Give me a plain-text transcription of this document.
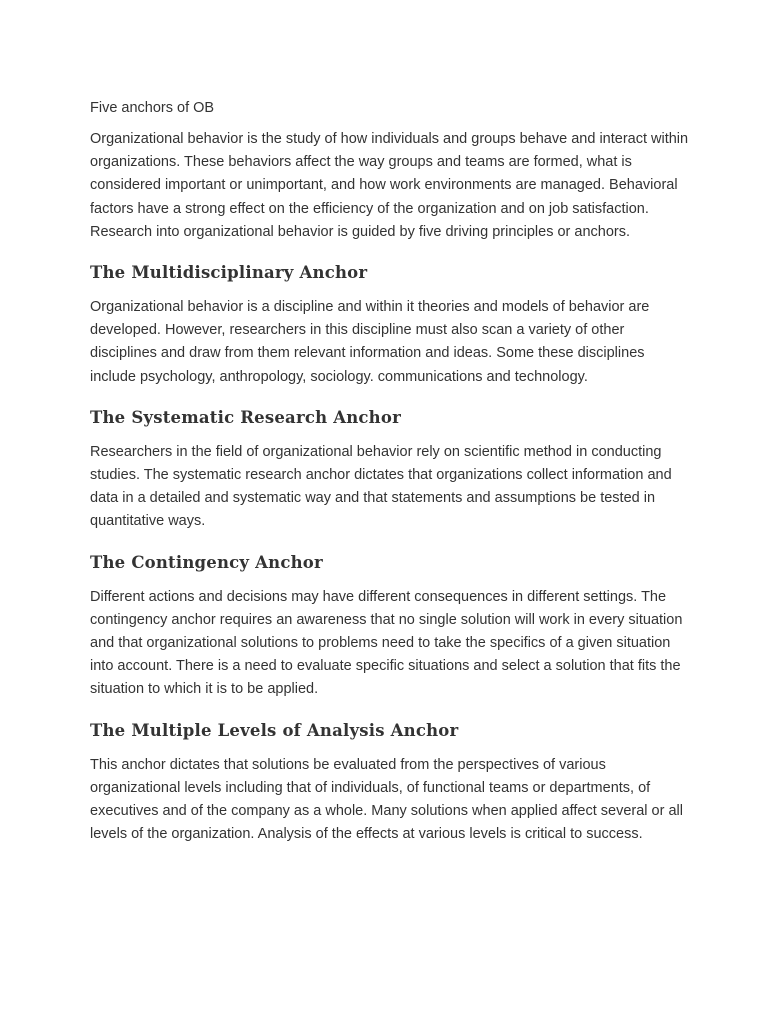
Five anchors of OB

Organizational behavior is the study of how individuals and groups behave and interact within organizations. These behaviors affect the way groups and teams are formed, what is considered important or unimportant, and how work environments are managed. Behavioral factors have a strong effect on the efficiency of the organization and on job satisfaction. Research into organizational behavior is guided by five driving principles or anchors.

The Multidisciplinary Anchor

Organizational behavior is a discipline and within it theories and models of behavior are developed. However, researchers in this discipline must also scan a variety of other disciplines and draw from them relevant information and ideas. Some these disciplines include psychology, anthropology, sociology. communications and technology.

The Systematic Research Anchor

Researchers in the field of organizational behavior rely on scientific method in conducting studies. The systematic research anchor dictates that organizations collect information and data in a detailed and systematic way and that statements and assumptions be tested in quantitative ways.

The Contingency Anchor

Different actions and decisions may have different consequences in different settings. The contingency anchor requires an awareness that no single solution will work in every situation and that organizational solutions to problems need to take the specifics of a given situation into account. There is a need to evaluate specific situations and select a solution that fits the situation to which it is to be applied.

The Multiple Levels of Analysis Anchor

This anchor dictates that solutions be evaluated from the perspectives of various organizational levels including that of individuals, of functional teams or departments, of executives and of the company as a whole. Many solutions when applied affect several or all levels of the organization. Analysis of the effects at various levels is critical to success.
